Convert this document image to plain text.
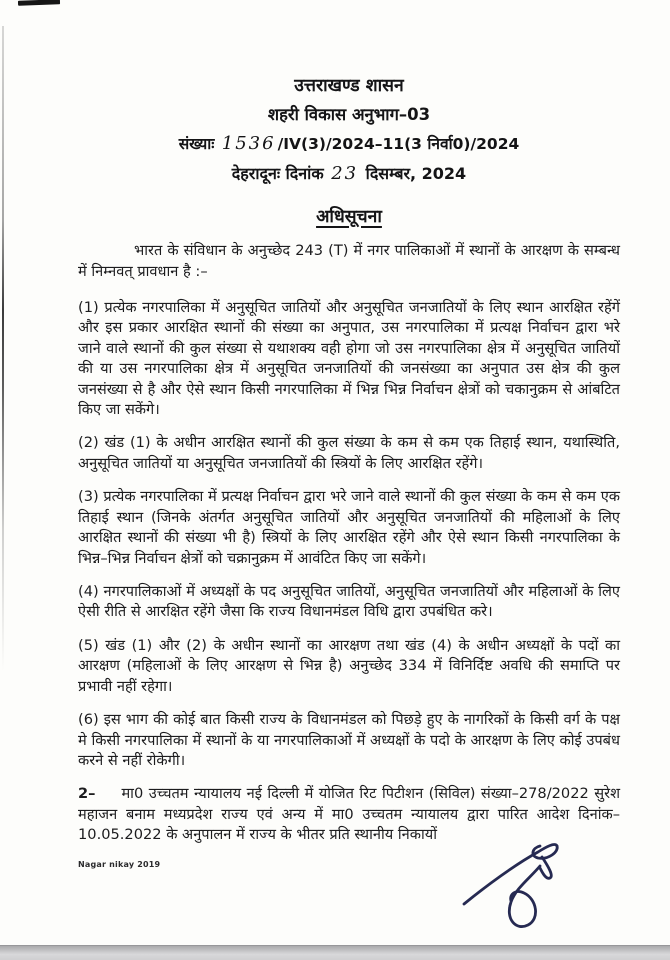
उत्तराखण्ड शासन
शहरी विकास अनुभाग–03
संख्याः 1536 /IV(3)/2024–11(3 निर्वा0)/2024
देहरादूनः दिनांक 23 दिसम्बर, 2024
अधिसूचना

भारत के संविधान के अनुच्छेद 243 (T) में नगर पालिकाओं में स्थानों के आरक्षण के सम्बन्ध में निम्नवत् प्रावधान है :–

(1) प्रत्येक नगरपालिका में अनुसूचित जातियों और अनुसूचित जनजातियों के लिए स्थान आरक्षित रहेंगें और इस प्रकार आरक्षित स्थानों की संख्या का अनुपात, उस नगरपालिका में प्रत्यक्ष निर्वाचन द्वारा भरे जाने वाले स्थानों की कुल संख्या से यथाशक्य वही होगा जो उस नगरपालिका क्षेत्र में अनुसूचित जातियों की या उस नगरपालिका क्षेत्र में अनुसूचित जनजातियों की जनसंख्या का अनुपात उस क्षेत्र की कुल जनसंख्या से है और ऐसे स्थान किसी नगरपालिका में भिन्न भिन्न निर्वाचन क्षेत्रों को चकानुक्रम से आंबटित किए जा सकेंगे।

(2) खंड (1) के अधीन आरक्षित स्थानों की कुल संख्या के कम से कम एक तिहाई स्थान, यथास्थिति, अनुसूचित जातियों या अनुसूचित जनजातियों की स्त्रियों के लिए आरक्षित रहेंगे।

(3) प्रत्येक नगरपालिका में प्रत्यक्ष निर्वाचन द्वारा भरे जाने वाले स्थानों की कुल संख्या के कम से कम एक तिहाई स्थान (जिनके अंतर्गत अनुसूचित जातियों और अनुसूचित जनजातियों की महिलाओं के लिए आरक्षित स्थानों की संख्या भी है) स्त्रियों के लिए आरक्षित रहेंगे और ऐसे स्थान किसी नगरपालिका के भिन्न–भिन्न निर्वाचन क्षेत्रों को चक्रानुक्रम में आवंटित किए जा सकेंगे।

(4) नगरपालिकाओं में अध्यक्षों के पद अनुसूचित जातियों, अनुसूचित जनजातियों और महिलाओं के लिए ऐसी रीति से आरक्षित रहेंगे जैसा कि राज्य विधानमंडल विधि द्वारा उपबंधित करे।

(5) खंड (1) और (2) के अधीन स्थानों का आरक्षण तथा खंड (4) के अधीन अध्यक्षों के पदों का आरक्षण (महिलाओं के लिए आरक्षण से भिन्न है) अनुच्छेद 334 में विनिर्दिष्ट अवधि की समाप्ति पर प्रभावी नहीं रहेगा।

(6) इस भाग की कोई बात किसी राज्य के विधानमंडल को पिछड़े हुए के नागरिकों के किसी वर्ग के पक्ष मे किसी नगरपालिका में स्थानों के या नगरपालिकाओं में अध्यक्षों के पदो के आरक्षण के लिए कोई उपबंध करने से नहीं रोकेगी।

2– मा0 उच्चतम न्यायालय नई दिल्ली में योजित रिट पिटीशन (सिविल) संख्या–278/2022 सुरेश महाजन बनाम मध्यप्रदेश राज्य एवं अन्य में मा0 उच्चतम न्यायालय द्वारा पारित आदेश दिनांक–10.05.2022 के अनुपालन में राज्य के भीतर प्रति स्थानीय निकायों

Nagar nikay 2019
